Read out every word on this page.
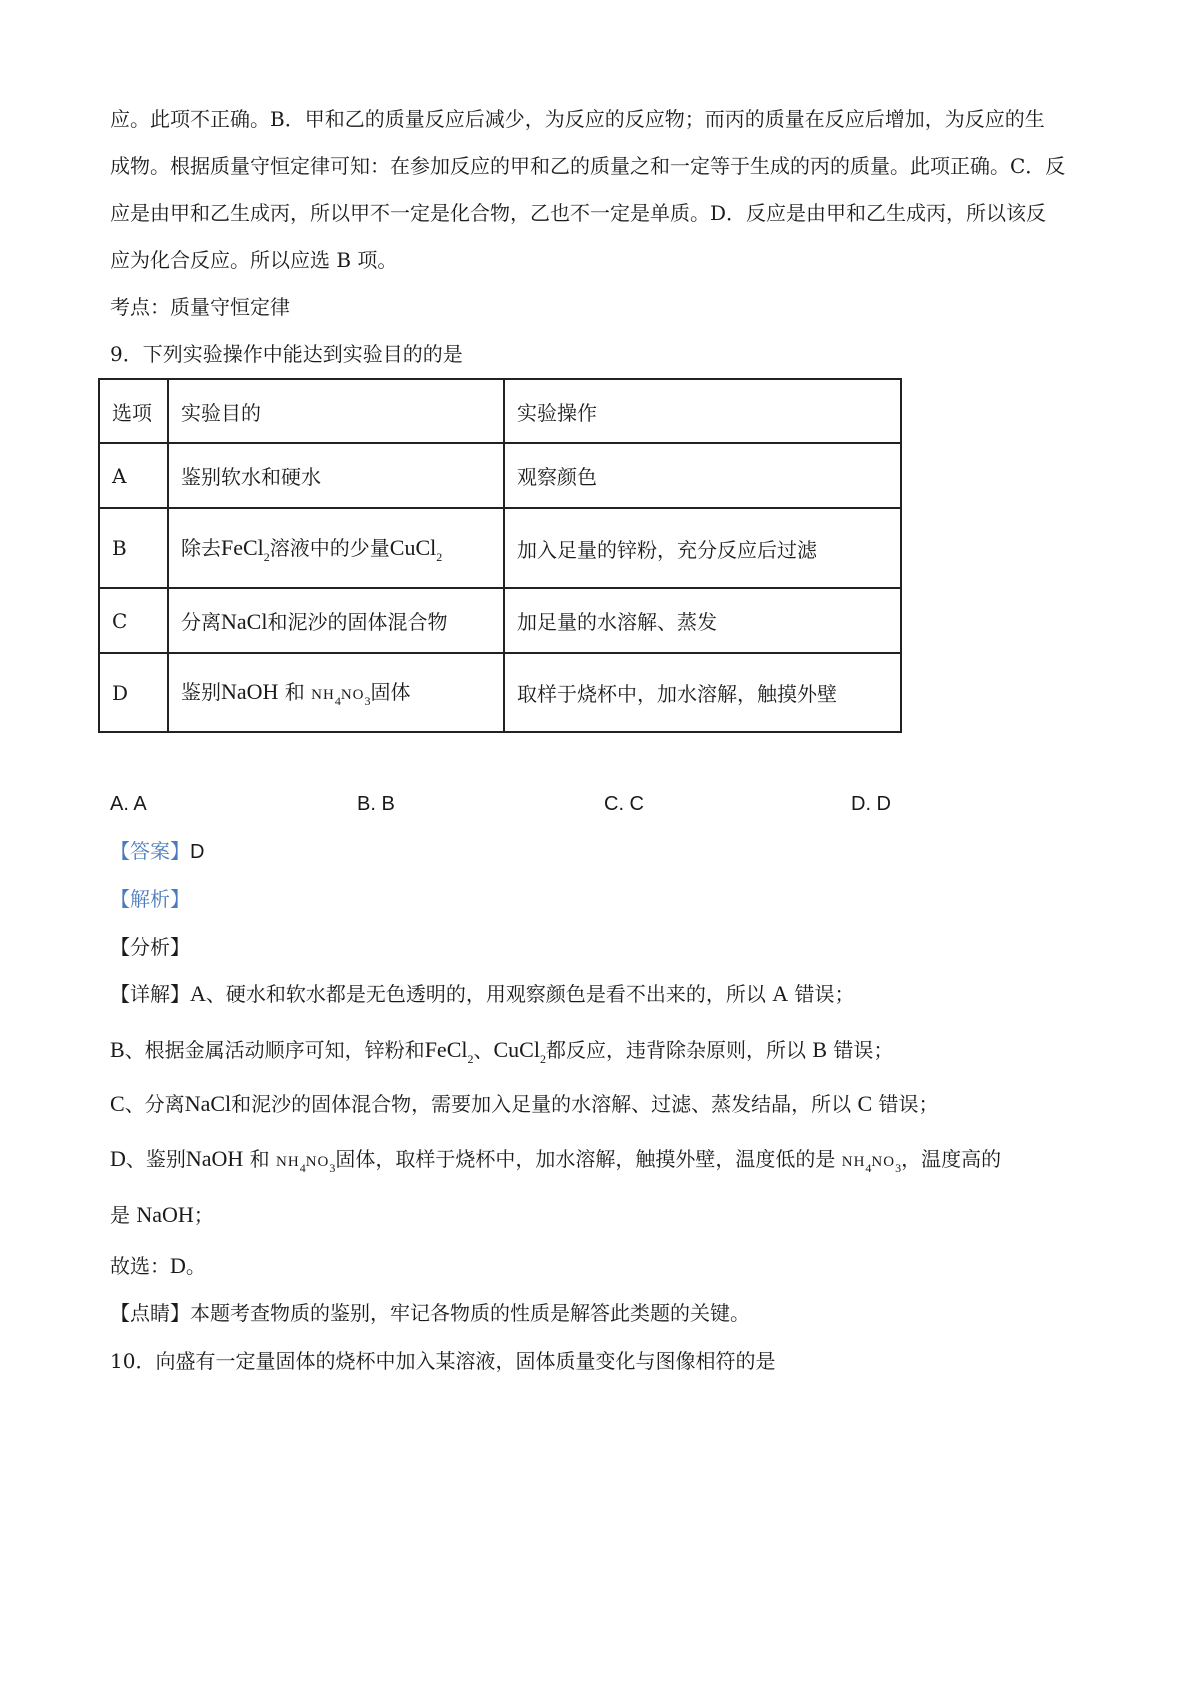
应。此项不正确。B．甲和乙的质量反应后减少，为反应的反应物；而丙的质量在反应后增加，为反应的生
成物。根据质量守恒定律可知：在参加反应的甲和乙的质量之和一定等于生成的丙的质量。此项正确。C．反
应是由甲和乙生成丙，所以甲不一定是化合物，乙也不一定是单质。D．反应是由甲和乙生成丙，所以该反
应为化合反应。所以应选 B 项。
考点：质量守恒定律
9．下列实验操作中能达到实验目的的是
选项	实验目的	实验操作
A	鉴别软水和硬水	观察颜色
B	除去FeCl$_2$溶液中的少量CuCl$_2$	加入足量的锌粉，充分反应后过滤
C	分离NaCl和泥沙的固体混合物	加足量的水溶解、蒸发
D	鉴别NaOH 和 $NH_4NO_3$固体	取样于烧杯中，加水溶解，触摸外壁
A. A	B. B	C. C	D. D
【答案】D
【解析】
【分析】
【详解】A、硬水和软水都是无色透明的，用观察颜色是看不出来的，所以 A 错误；
B、根据金属活动顺序可知，锌粉和FeCl$_2$、CuCl$_2$都反应，违背除杂原则，所以 B 错误；
C、分离NaCl和泥沙的固体混合物，需要加入足量的水溶解、过滤、蒸发结晶，所以 C 错误；
D、鉴别NaOH 和 $NH_4NO_3$固体，取样于烧杯中，加水溶解，触摸外壁，温度低的是 $NH_4NO_3$，温度高的
是 NaOH；
故选：D。
【点睛】本题考查物质的鉴别，牢记各物质的性质是解答此类题的关键。
10．向盛有一定量固体的烧杯中加入某溶液，固体质量变化与图像相符的是
